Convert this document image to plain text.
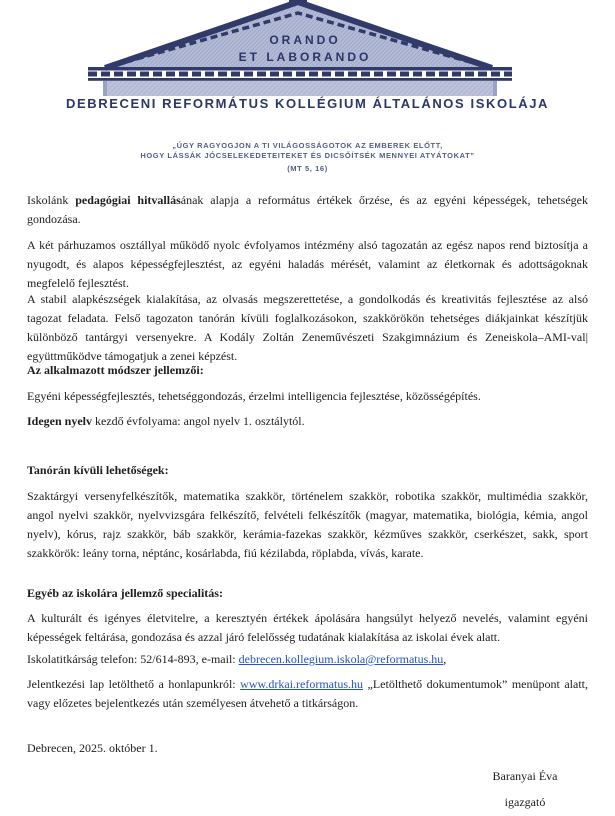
ORANDO
ET LABORANDO
DEBRECENI REFORMÁTUS KOLLÉGIUM ÁLTALÁNOS ISKOLÁJA
„ÚGY RAGYOGJON A TI VILÁGOSSÁGOTOK AZ EMBEREK ELŐTT,
HOGY LÁSSÁK JÓCSELEKEDETEITEKET ÉS DICSŐÍTSÉK MENNYEI ATYÁTOKAT”
(MT 5, 16)

Iskolánk pedagógiai hitvallásának alapja a református értékek őrzése, és az egyéni képességek, tehetségek gondozása.

A két párhuzamos osztállyal működő nyolc évfolyamos intézmény alsó tagozatán az egész napos rend biztosítja a nyugodt, és alapos képességfejlesztést, az egyéni haladás mérését, valamint az életkornak és adottságoknak megfelelő fejlesztést.

A stabil alapkészségek kialakítása, az olvasás megszerettetése, a gondolkodás és kreativitás fejlesztése az alsó tagozat feladata. Felső tagozaton tanórán kívüli foglalkozásokon, szakkörökön tehetséges diákjainkat készítjük különböző tantárgyi versenyekre. A Kodály Zoltán Zeneművészeti Szakgimnázium és Zeneiskola–AMI-val| együttműködve támogatjuk a zenei képzést.

Az alkalmazott módszer jellemzői:

Egyéni képességfejlesztés, tehetséggondozás, érzelmi intelligencia fejlesztése, közösségépítés.

Idegen nyelv kezdő évfolyama: angol nyelv 1. osztálytól.

Tanórán kívüli lehetőségek:

Szaktárgyi versenyfelkészítők, matematika szakkör, történelem szakkör, robotika szakkör, multimédia szakkör, angol nyelvi szakkör, nyelvvizsgára felkészítő, felvételi felkészítők (magyar, matematika, biológia, kémia, angol nyelv), kórus, rajz szakkör, báb szakkör, kerámia-fazekas szakkör, kézműves szakkör, cserkészet, sakk, sport szakkörök: leány torna, néptánc, kosárlabda, fiú kézilabda, röplabda, vívás, karate.

Egyéb az iskolára jellemző specialitás:

A kulturált és igényes életvitelre, a keresztyén értékek ápolására hangsúlyt helyező nevelés, valamint egyéni képességek feltárása, gondozása és azzal járó felelősség tudatának kialakítása az iskolai évek alatt.

Iskolatitkárság telefon: 52/614-893, e-mail: debrecen.kollegium.iskola@reformatus.hu,

Jelentkezési lap letölthető a honlapunkról: www.drkai.reformatus.hu „Letölthető dokumentumok” menüpont alatt, vagy előzetes bejelentkezés után személyesen átvehető a titkárságon.

Debrecen, 2025. október 1.

Baranyai Éva
igazgató
